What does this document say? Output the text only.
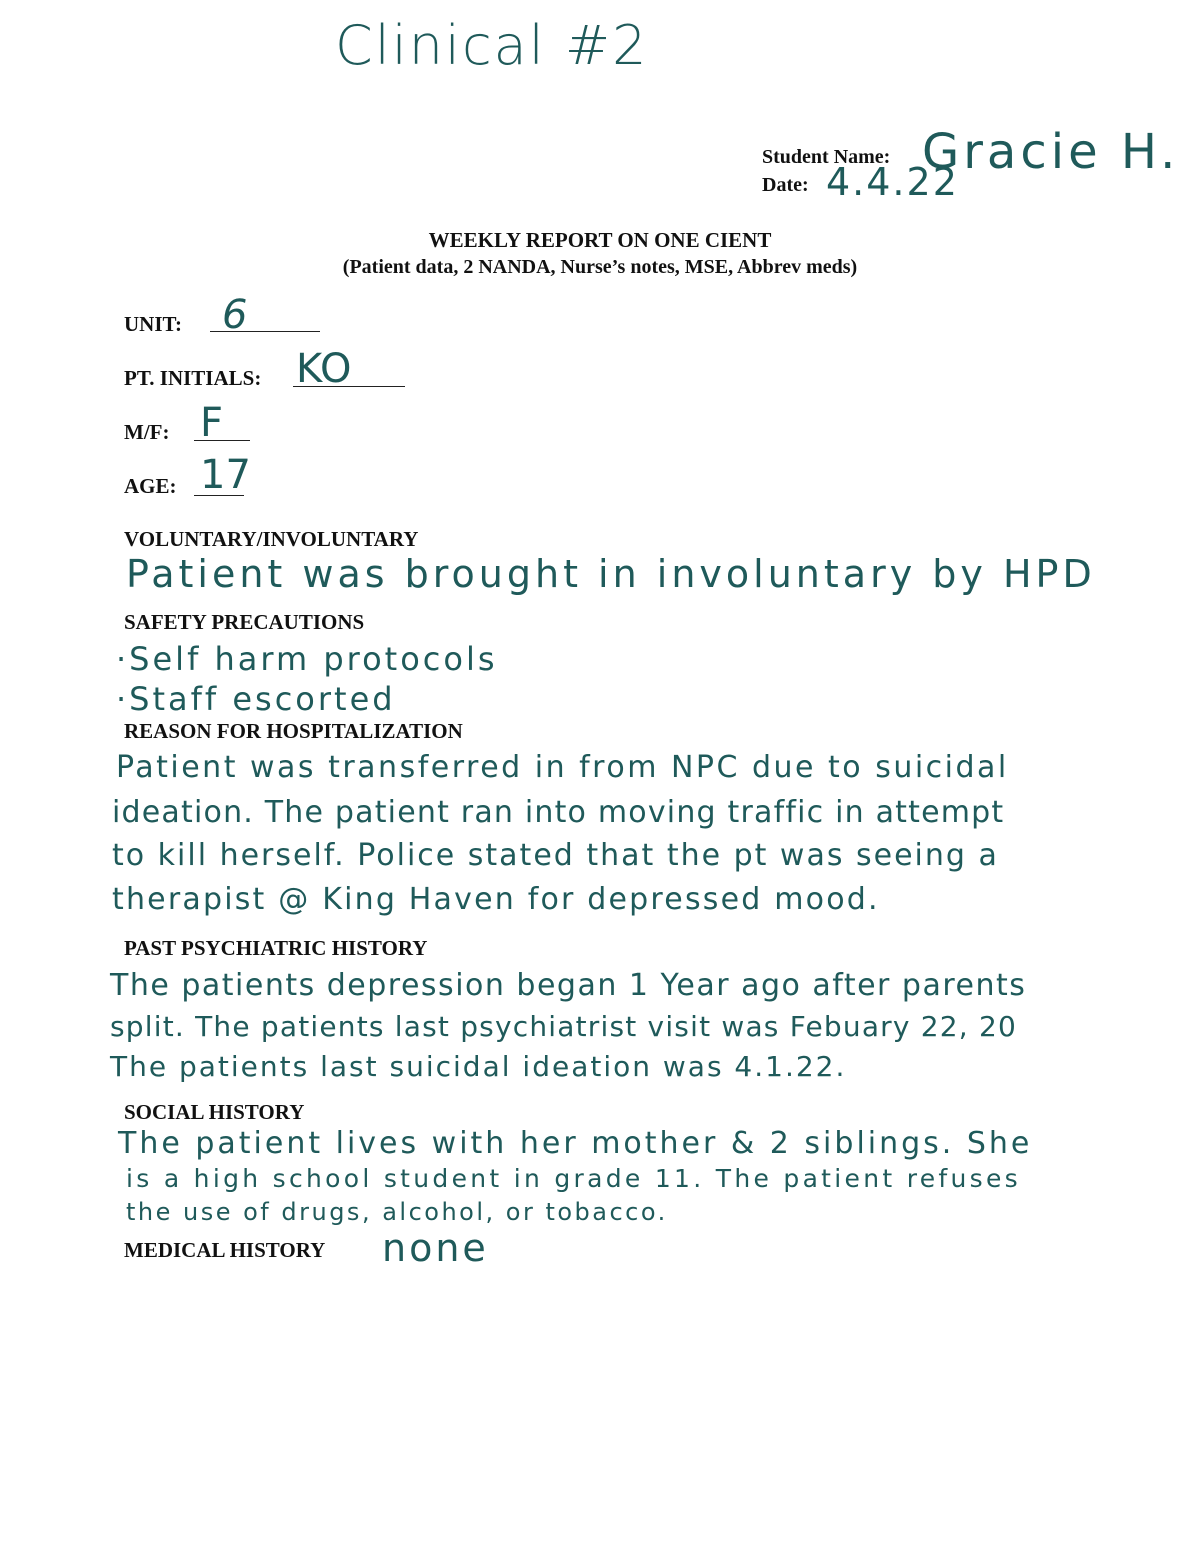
Clinical #2
Student Name: Gracie H.
Date: 4.4.22
WEEKLY REPORT ON ONE CIENT
(Patient data, 2 NANDA, Nurse’s notes, MSE, Abbrev meds)
UNIT: 6
PT. INITIALS: KO
M/F: F
AGE: 17
VOLUNTARY/INVOLUNTARY
Patient was brought in involuntary by HPD
SAFETY PRECAUTIONS
·Self harm protocols
·Staff escorted
REASON FOR HOSPITALIZATION
Patient was transferred in from NPC due to suicidal
ideation. The patient ran into moving traffic in attempt
to kill herself. Police stated that the pt was seeing a
therapist @ King Haven for depressed mood.
PAST PSYCHIATRIC HISTORY
The patients depression began 1 Year ago after parents
split. The patients last psychiatrist visit was Febuary 22, 20
The patients last suicidal ideation was 4.1.22.
SOCIAL HISTORY
The patient lives with her mother & 2 siblings. She
is a high school student in grade 11. The patient refuses
the use of drugs, alcohol, or tobacco.
MEDICAL HISTORY none
